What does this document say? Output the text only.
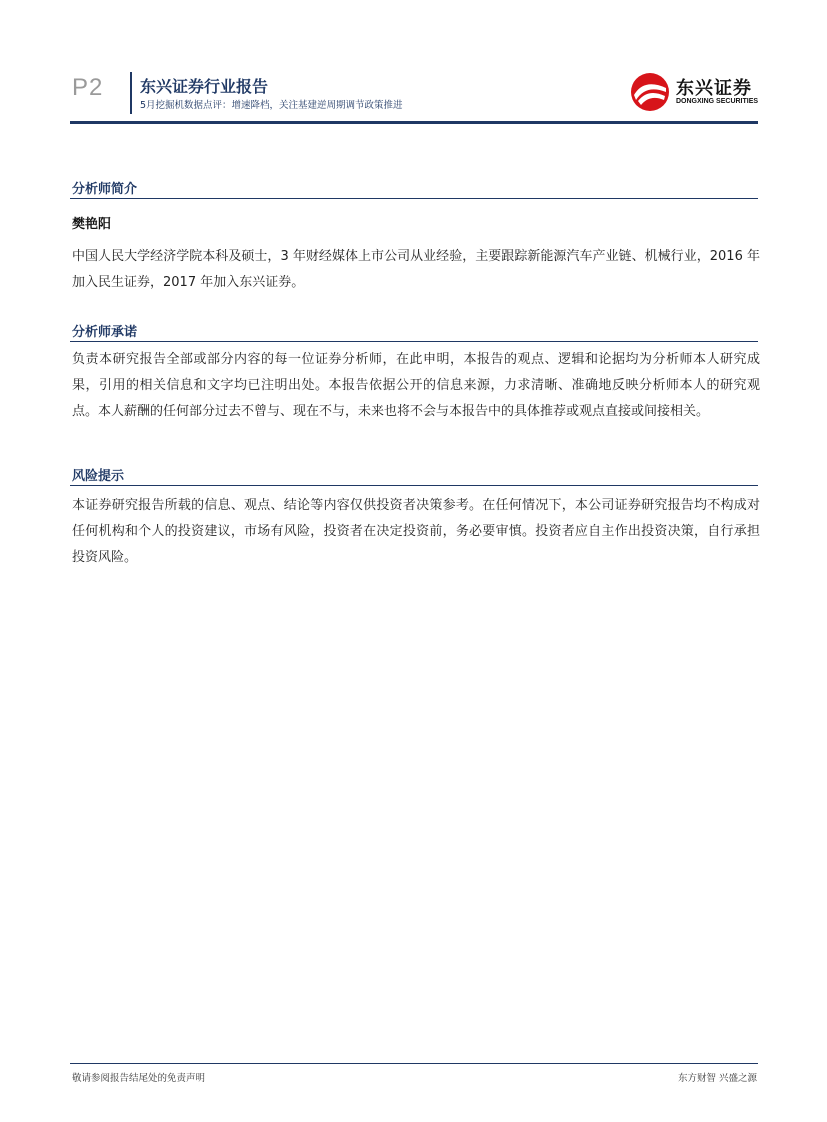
P2 东兴证券行业报告
5月挖掘机数据点评：增速降档，关注基建逆周期调节政策推进
东兴证券
DONGXING SECURITIES
分析师简介
樊艳阳

中国人民大学经济学院本科及硕士，3 年财经媒体上市公司从业经验，主要跟踪新能源汽车产业链、机械行业，2016 年加入民生证券，2017 年加入东兴证券。

分析师承诺

负责本研究报告全部或部分内容的每一位证券分析师，在此申明，本报告的观点、逻辑和论据均为分析师本人研究成果，引用的相关信息和文字均已注明出处。本报告依据公开的信息来源，力求清晰、准确地反映分析师本人的研究观点。本人薪酬的任何部分过去不曾与、现在不与，未来也将不会与本报告中的具体推荐或观点直接或间接相关。

风险提示

本证券研究报告所载的信息、观点、结论等内容仅供投资者决策参考。在任何情况下，本公司证券研究报告均不构成对任何机构和个人的投资建议，市场有风险，投资者在决定投资前，务必要审慎。投资者应自主作出投资决策，自行承担投资风险。

敬请参阅报告结尾处的免责声明	东方财智 兴盛之源
